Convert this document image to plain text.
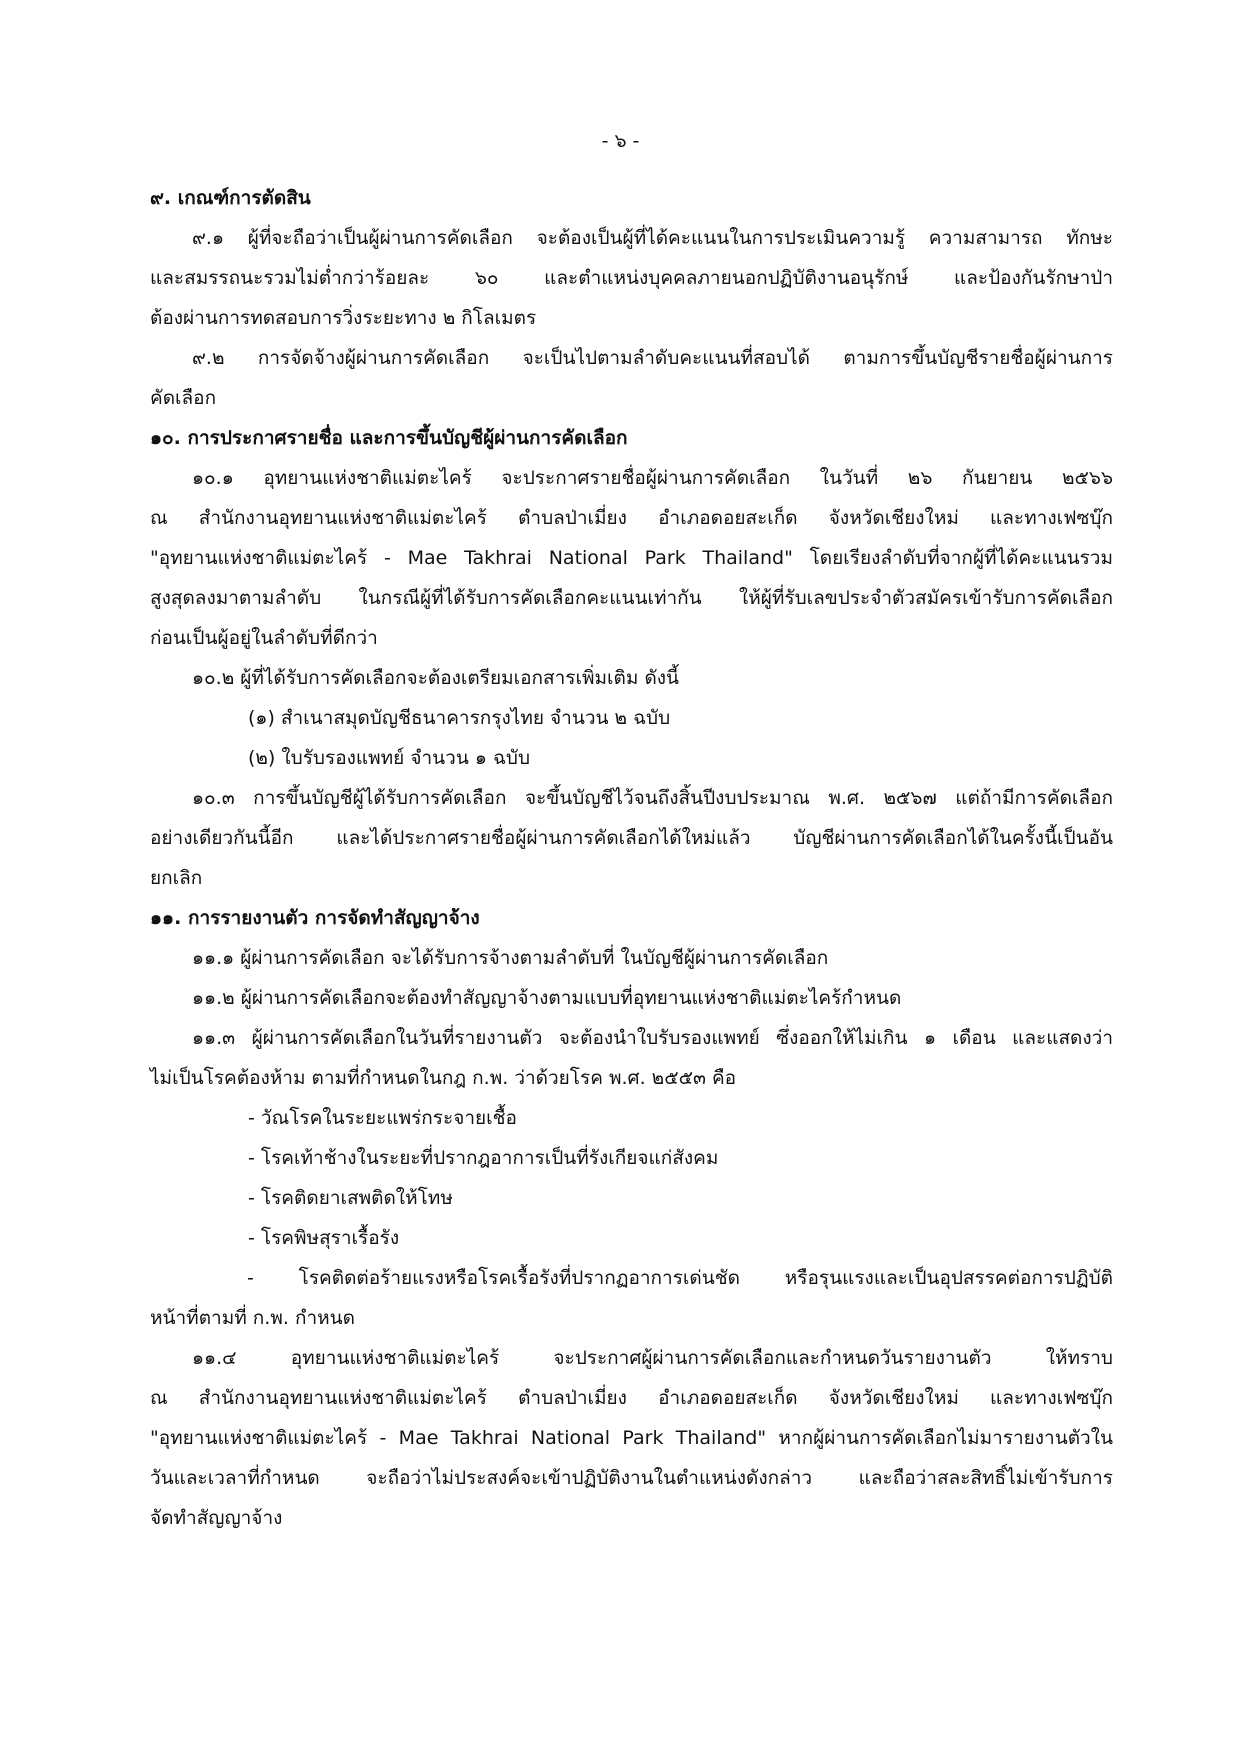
- ๖ -
๙. เกณฑ์การตัดสิน
๙.๑ ผู้ที่จะถือว่าเป็นผู้ผ่านการคัดเลือก จะต้องเป็นผู้ที่ได้คะแนนในการประเมินความรู้ ความสามารถ ทักษะ
และสมรรถนะรวมไม่ต่ำกว่าร้อยละ ๖๐ และตำแหน่งบุคคลภายนอกปฏิบัติงานอนุรักษ์ และป้องกันรักษาป่า
ต้องผ่านการทดสอบการวิ่งระยะทาง ๒ กิโลเมตร
๙.๒ การจัดจ้างผู้ผ่านการคัดเลือก จะเป็นไปตามลำดับคะแนนที่สอบได้ ตามการขึ้นบัญชีรายชื่อผู้ผ่านการ
คัดเลือก
๑๐. การประกาศรายชื่อ และการขึ้นบัญชีผู้ผ่านการคัดเลือก
๑๐.๑ อุทยานแห่งชาติแม่ตะไคร้ จะประกาศรายชื่อผู้ผ่านการคัดเลือก ในวันที่ ๒๖ กันยายน ๒๕๖๖
ณ สำนักงานอุทยานแห่งชาติแม่ตะไคร้ ตำบลป่าเมี่ยง อำเภอดอยสะเก็ด จังหวัดเชียงใหม่ และทางเฟซบุ๊ก
"อุทยานแห่งชาติแม่ตะไคร้ - Mae Takhrai National Park Thailand" โดยเรียงลำดับที่จากผู้ที่ได้คะแนนรวม
สูงสุดลงมาตามลำดับ ในกรณีผู้ที่ได้รับการคัดเลือกคะแนนเท่ากัน ให้ผู้ที่รับเลขประจำตัวสมัครเข้ารับการคัดเลือก
ก่อนเป็นผู้อยู่ในลำดับที่ดีกว่า
๑๐.๒ ผู้ที่ได้รับการคัดเลือกจะต้องเตรียมเอกสารเพิ่มเติม ดังนี้
(๑) สำเนาสมุดบัญชีธนาคารกรุงไทย จำนวน ๒ ฉบับ
(๒) ใบรับรองแพทย์ จำนวน ๑ ฉบับ
๑๐.๓ การขึ้นบัญชีผู้ได้รับการคัดเลือก จะขึ้นบัญชีไว้จนถึงสิ้นปีงบประมาณ พ.ศ. ๒๕๖๗ แต่ถ้ามีการคัดเลือก
อย่างเดียวกันนี้อีก และได้ประกาศรายชื่อผู้ผ่านการคัดเลือกได้ใหม่แล้ว บัญชีผ่านการคัดเลือกได้ในครั้งนี้เป็นอัน
ยกเลิก
๑๑. การรายงานตัว การจัดทำสัญญาจ้าง
๑๑.๑ ผู้ผ่านการคัดเลือก จะได้รับการจ้างตามลำดับที่ ในบัญชีผู้ผ่านการคัดเลือก
๑๑.๒ ผู้ผ่านการคัดเลือกจะต้องทำสัญญาจ้างตามแบบที่อุทยานแห่งชาติแม่ตะไคร้กำหนด
๑๑.๓ ผู้ผ่านการคัดเลือกในวันที่รายงานตัว จะต้องนำใบรับรองแพทย์ ซึ่งออกให้ไม่เกิน ๑ เดือน และแสดงว่า
ไม่เป็นโรคต้องห้าม ตามที่กำหนดในกฎ ก.พ. ว่าด้วยโรค พ.ศ. ๒๕๕๓ คือ
- วัณโรคในระยะแพร่กระจายเชื้อ
- โรคเท้าช้างในระยะที่ปรากฎอาการเป็นที่รังเกียจแก่สังคม
- โรคติดยาเสพติดให้โทษ
- โรคพิษสุราเรื้อรัง
- โรคติดต่อร้ายแรงหรือโรคเรื้อรังที่ปรากฏอาการเด่นชัด หรือรุนแรงและเป็นอุปสรรคต่อการปฏิบัติ
หน้าที่ตามที่ ก.พ. กำหนด
๑๑.๔ อุทยานแห่งชาติแม่ตะไคร้ จะประกาศผู้ผ่านการคัดเลือกและกำหนดวันรายงานตัว ให้ทราบ
ณ สำนักงานอุทยานแห่งชาติแม่ตะไคร้ ตำบลป่าเมี่ยง อำเภอดอยสะเก็ด จังหวัดเชียงใหม่ และทางเฟซบุ๊ก
"อุทยานแห่งชาติแม่ตะไคร้ - Mae Takhrai National Park Thailand" หากผู้ผ่านการคัดเลือกไม่มารายงานตัวใน
วันและเวลาที่กำหนด จะถือว่าไม่ประสงค์จะเข้าปฏิบัติงานในตำแหน่งดังกล่าว และถือว่าสละสิทธิ์ไม่เข้ารับการ
จัดทำสัญญาจ้าง
